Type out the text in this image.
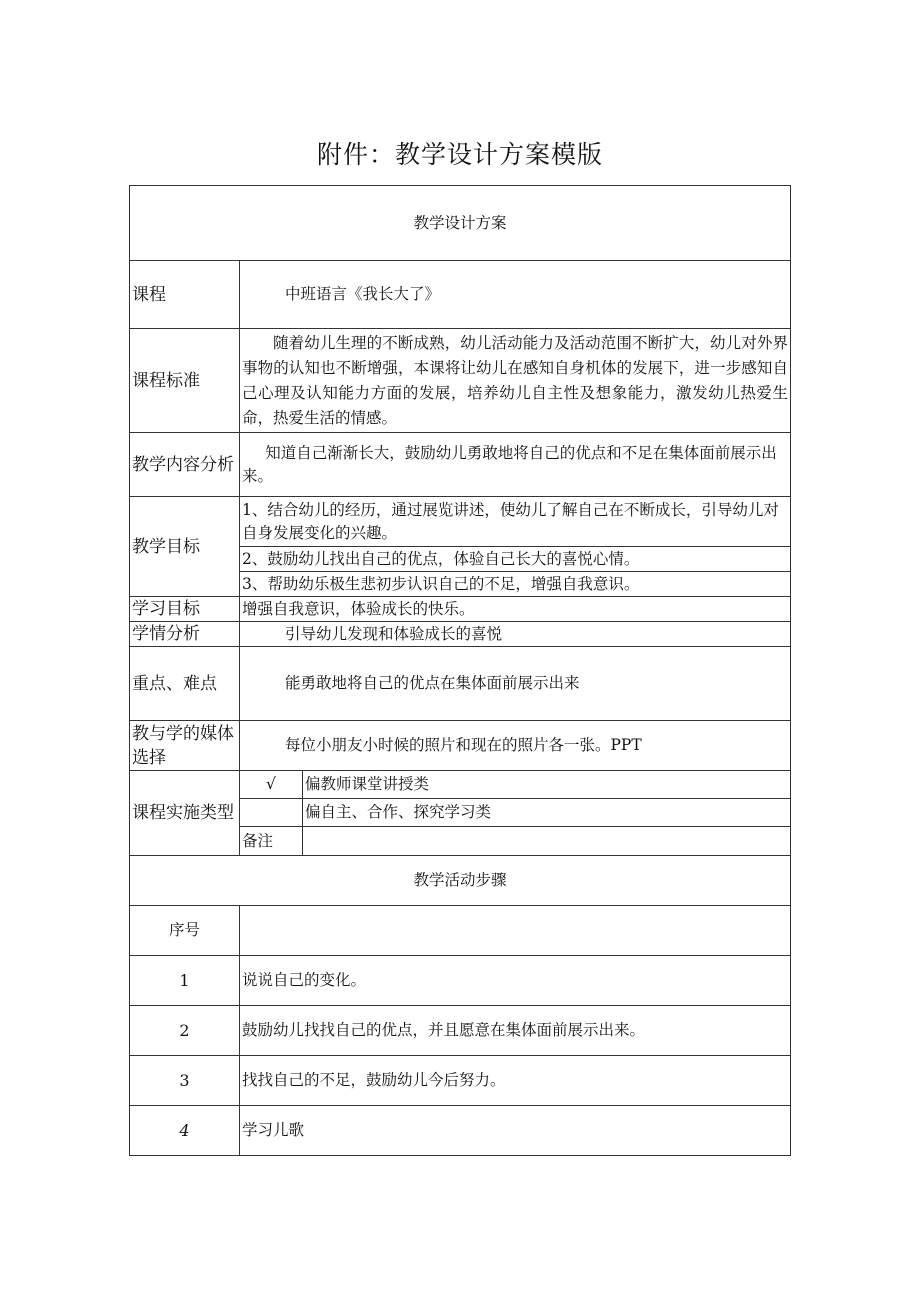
附件：教学设计方案模版
教学设计方案		
课程	中班语言《我长大了》	
课程标准	随着幼儿生理的不断成熟，幼儿活动能力及活动范围不断扩大，幼儿对外界事物的认知也不断增强，本课将让幼儿在感知自身机体的发展下，进一步感知自己心理及认知能力方面的发展，培养幼儿自主性及想象能力，激发幼儿热爱生命，热爱生活的情感。	
教学内容分析	知道自己渐渐长大，鼓励幼儿勇敢地将自己的优点和不足在集体面前展示出来。	
教学目标	1、结合幼儿的经历，通过展览讲述，使幼儿了解自己在不断成长，引导幼儿对自身发展变化的兴趣。	
	2、鼓励幼儿找出自己的优点，体验自己长大的喜悦心情。	
	3、帮助幼乐极生悲初步认识自己的不足，增强自我意识。	
学习目标	增强自我意识，体验成长的快乐。	
学情分析	引导幼儿发现和体验成长的喜悦	
重点、难点	能勇敢地将自己的优点在集体面前展示出来	
教与学的媒体选择	每位小朋友小时候的照片和现在的照片各一张。PPT	
课程实施类型	√	偏教师课堂讲授类
		偏自主、合作、探究学习类
	备注	
教学活动步骤		
序号		
1	说说自己的变化。	
2	鼓励幼儿找找自己的优点，并且愿意在集体面前展示出来。	
3	找找自己的不足，鼓励幼儿今后努力。	
4	学习儿歌	
